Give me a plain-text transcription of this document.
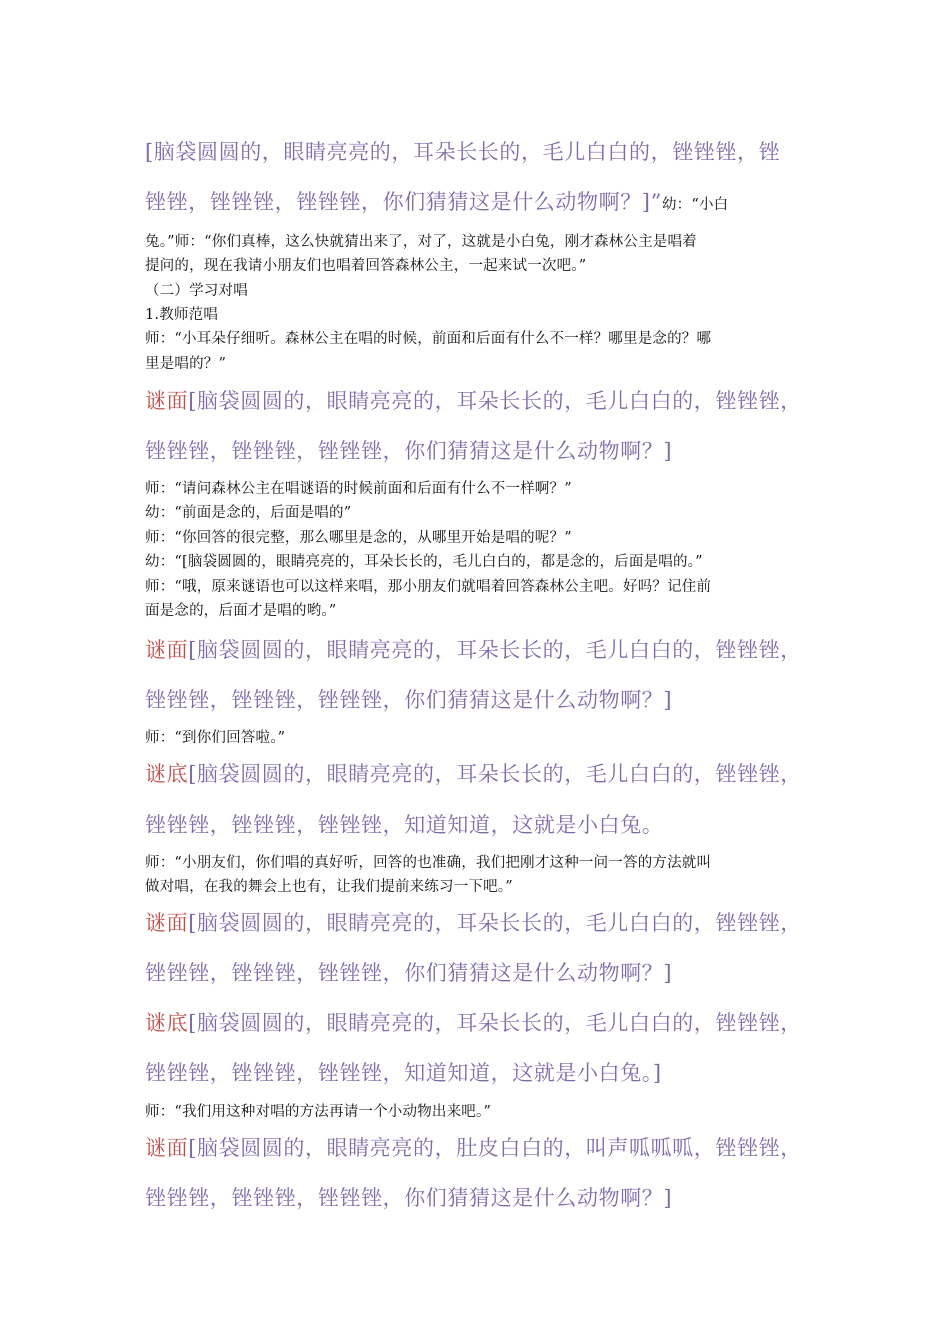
[脑袋圆圆的，眼睛亮亮的，耳朵长长的，毛儿白白的，锉锉锉，锉
锉锉，锉锉锉，锉锉锉，你们猜猜这是什么动物啊？]”幼：“小白
兔。”师：“你们真棒，这么快就猜出来了，对了，这就是小白兔，刚才森林公主是唱着
提问的，现在我请小朋友们也唱着回答森林公主，一起来试一次吧。”
（二）学习对唱
1.教师范唱
师：“小耳朵仔细听。森林公主在唱的时候，前面和后面有什么不一样？哪里是念的？哪
里是唱的？”
谜面[脑袋圆圆的，眼睛亮亮的，耳朵长长的，毛儿白白的，锉锉锉，
锉锉锉，锉锉锉，锉锉锉，你们猜猜这是什么动物啊？]
师：“请问森林公主在唱谜语的时候前面和后面有什么不一样啊？”
幼：“前面是念的，后面是唱的”
师：“你回答的很完整，那么哪里是念的，从哪里开始是唱的呢？”
幼：“[脑袋圆圆的，眼睛亮亮的，耳朵长长的，毛儿白白的，都是念的，后面是唱的。”
师：“哦，原来谜语也可以这样来唱，那小朋友们就唱着回答森林公主吧。好吗？记住前
面是念的，后面才是唱的哟。”
谜面[脑袋圆圆的，眼睛亮亮的，耳朵长长的，毛儿白白的，锉锉锉，
锉锉锉，锉锉锉，锉锉锉，你们猜猜这是什么动物啊？]
师：“到你们回答啦。”
谜底[脑袋圆圆的，眼睛亮亮的，耳朵长长的，毛儿白白的，锉锉锉，
锉锉锉，锉锉锉，锉锉锉，知道知道，这就是小白兔。
师：“小朋友们，你们唱的真好听，回答的也准确，我们把刚才这种一问一答的方法就叫
做对唱，在我的舞会上也有，让我们提前来练习一下吧。”
谜面[脑袋圆圆的，眼睛亮亮的，耳朵长长的，毛儿白白的，锉锉锉，
锉锉锉，锉锉锉，锉锉锉，你们猜猜这是什么动物啊？]
谜底[脑袋圆圆的，眼睛亮亮的，耳朵长长的，毛儿白白的，锉锉锉，
锉锉锉，锉锉锉，锉锉锉，知道知道，这就是小白兔。]
师：“我们用这种对唱的方法再请一个小动物出来吧。”
谜面[脑袋圆圆的，眼睛亮亮的，肚皮白白的，叫声呱呱呱，锉锉锉，
锉锉锉，锉锉锉，锉锉锉，你们猜猜这是什么动物啊？]
